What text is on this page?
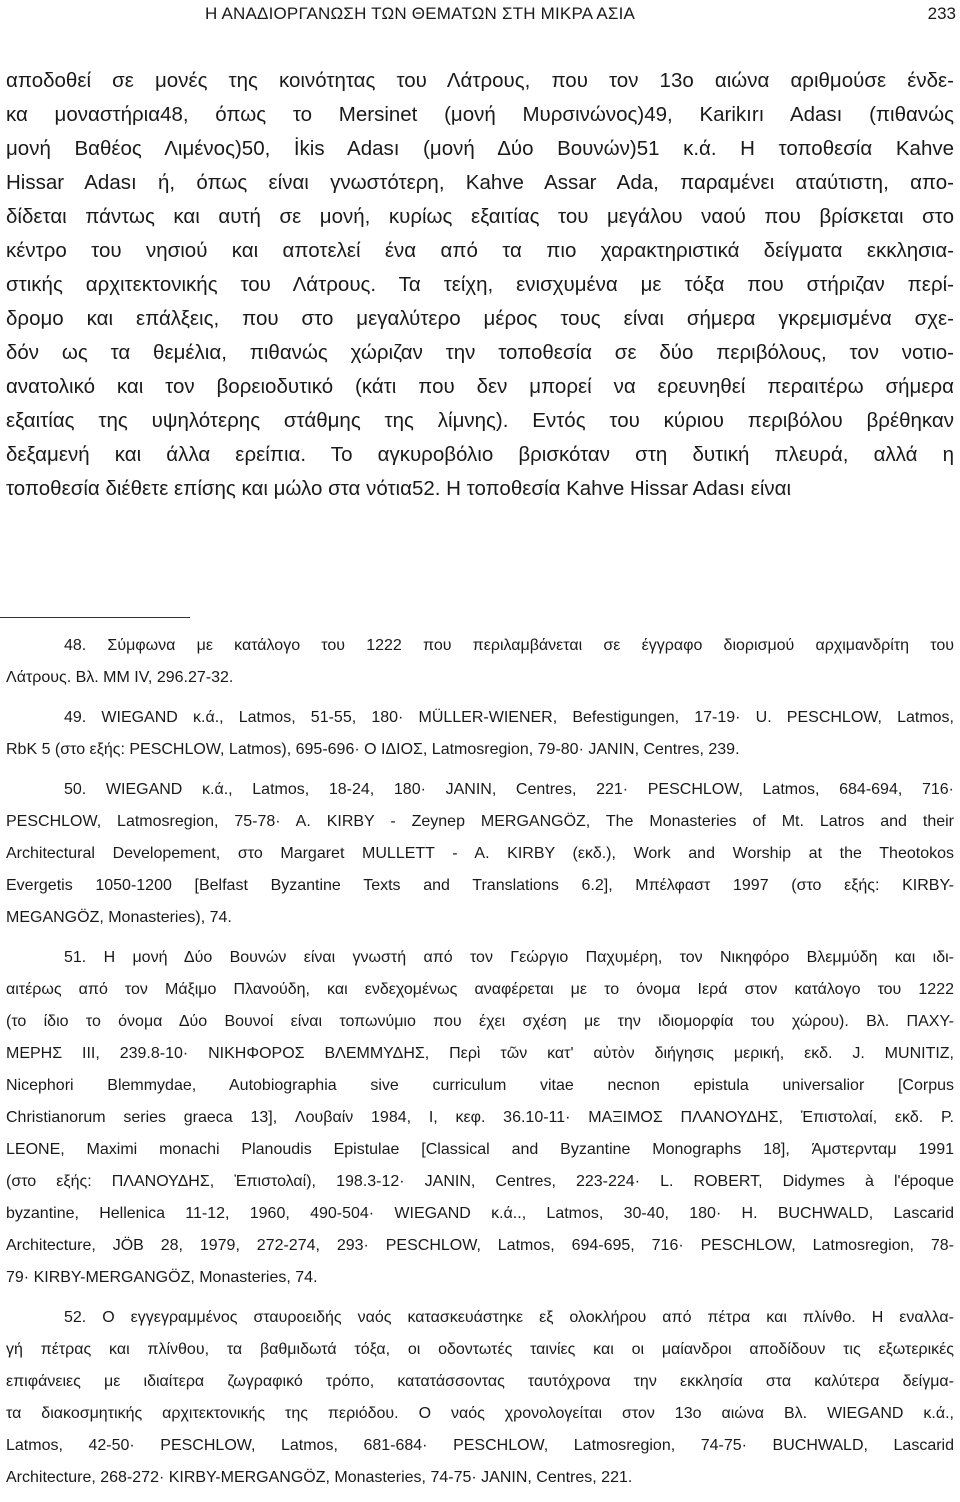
Η ΑΝΑΔΙΟΡΓΑΝΩΣΗ ΤΩΝ ΘΕΜΑΤΩΝ ΣΤΗ ΜΙΚΡΑ ΑΣΙΑ	233
αποδοθεί σε μονές της κοινότητας του Λάτρους, που τον 13ο αιώνα αριθμούσε ένδε-
κα μοναστήρια48, όπως το Mersinet (μονή Μυρσινώνος)49, Karikırı Adası (πιθανώς
μονή Βαθέος Λιμένος)50, İkis Adası (μονή Δύο Βουνών)51 κ.ά. Η τοποθεσία Kahve
Hissar Adası ή, όπως είναι γνωστότερη, Kahve Assar Ada, παραμένει αταύτιστη, απο-
δίδεται πάντως και αυτή σε μονή, κυρίως εξαιτίας του μεγάλου ναού που βρίσκεται στο
κέντρο του νησιού και αποτελεί ένα από τα πιο χαρακτηριστικά δείγματα εκκλησια-
στικής αρχιτεκτονικής του Λάτρους. Τα τείχη, ενισχυμένα με τόξα που στήριζαν περί-
δρομο και επάλξεις, που στο μεγαλύτερο μέρος τους είναι σήμερα γκρεμισμένα σχε-
δόν ως τα θεμέλια, πιθανώς χώριζαν την τοποθεσία σε δύο περιβόλους, τον νοτιο-
ανατολικό και τον βορειοδυτικό (κάτι που δεν μπορεί να ερευνηθεί περαιτέρω σήμερα
εξαιτίας της υψηλότερης στάθμης της λίμνης). Εντός του κύριου περιβόλου βρέθηκαν
δεξαμενή και άλλα ερείπια. Το αγκυροβόλιο βρισκόταν στη δυτική πλευρά, αλλά η
τοποθεσία διέθετε επίσης και μώλο στα νότια52. Η τοποθεσία Kahve Hissar Adası είναι
48. Σύμφωνα με κατάλογο του 1222 που περιλαμβάνεται σε έγγραφο διορισμού αρχιμανδρίτη του
Λάτρους. Βλ. MM IV, 296.27-32.
49. WIEGAND κ.ά., Latmos, 51-55, 180· MÜLLER-WIENER, Befestigungen, 17-19· U. PESCHLOW, Latmos,
RbK 5 (στο εξής: PESCHLOW, Latmos), 695-696· Ο ΙΔΙΟΣ, Latmosregion, 79-80· JANIN, Centres, 239.
50. WIEGAND κ.ά., Latmos, 18-24, 180· JANIN, Centres, 221· PESCHLOW, Latmos, 684-694, 716·
PESCHLOW, Latmosregion, 75-78· A. KIRBY - Zeynep MERGANGÖZ, The Monasteries of Mt. Latros and their
Architectural Developement, στο Margaret MULLETT - A. KIRBY (εκδ.), Work and Worship at the Theotokos
Evergetis 1050-1200 [Belfast Byzantine Texts and Translations 6.2], Μπέλφαστ 1997 (στο εξής: KIRBY-
MEGANGÖZ, Monasteries), 74.
51. Η μονή Δύο Βουνών είναι γνωστή από τον Γεώργιο Παχυμέρη, τον Νικηφόρο Βλεμμύδη και ιδι-
αιτέρως από τον Μάξιμο Πλανούδη, και ενδεχομένως αναφέρεται με το όνομα Ιερά στον κατάλογο του 1222
(το ίδιο το όνομα Δύο Βουνοί είναι τοπωνύμιο που έχει σχέση με την ιδιομορφία του χώρου). Βλ. ΠΑΧΥ-
ΜΕΡΗΣ III, 239.8-10· ΝΙΚΗΦΟΡΟΣ ΒΛΕΜΜΥΔΗΣ, Περὶ τῶν κατ' αὐτὸν διήγησις μερική, εκδ. J. MUNITIZ,
Nicephori Blemmydae, Autobiographia sive curriculum vitae necnon epistula universalior [Corpus
Christianorum series graeca 13], Λουβαίν 1984, I, κεφ. 36.10-11· ΜΑΞΙΜΟΣ ΠΛΑΝΟΥΔΗΣ, Ἐπιστολαί, εκδ. P.
LEONE, Maximi monachi Planoudis Epistulae [Classical and Byzantine Monographs 18], Άμστερνταμ 1991
(στο εξής: ΠΛΑΝΟΥΔΗΣ, Ἐπιστολαί), 198.3-12· JANIN, Centres, 223-224· L. ROBERT, Didymes à l'époque
byzantine, Hellenica 11-12, 1960, 490-504· WIEGAND κ.ά.., Latmos, 30-40, 180· H. BUCHWALD, Lascarid
Architecture, JÖB 28, 1979, 272-274, 293· PESCHLOW, Latmos, 694-695, 716· PESCHLOW, Latmosregion, 78-
79· KIRBY-MERGANGÖZ, Monasteries, 74.
52. Ο εγγεγραμμένος σταυροειδής ναός κατασκευάστηκε εξ ολοκλήρου από πέτρα και πλίνθο. Η εναλλα-
γή πέτρας και πλίνθου, τα βαθμιδωτά τόξα, οι οδοντωτές ταινίες και οι μαίανδροι αποδίδουν τις εξωτερικές
επιφάνειες με ιδιαίτερα ζωγραφικό τρόπο, κατατάσσοντας ταυτόχρονα την εκκλησία στα καλύτερα δείγμα-
τα διακοσμητικής αρχιτεκτονικής της περιόδου. Ο ναός χρονολογείται στον 13ο αιώνα Βλ. WIEGAND κ.ά.,
Latmos, 42-50· PESCHLOW, Latmos, 681-684· PESCHLOW, Latmosregion, 74-75· BUCHWALD, Lascarid
Architecture, 268-272· KIRBY-MERGANGÖZ, Monasteries, 74-75· JANIN, Centres, 221.
